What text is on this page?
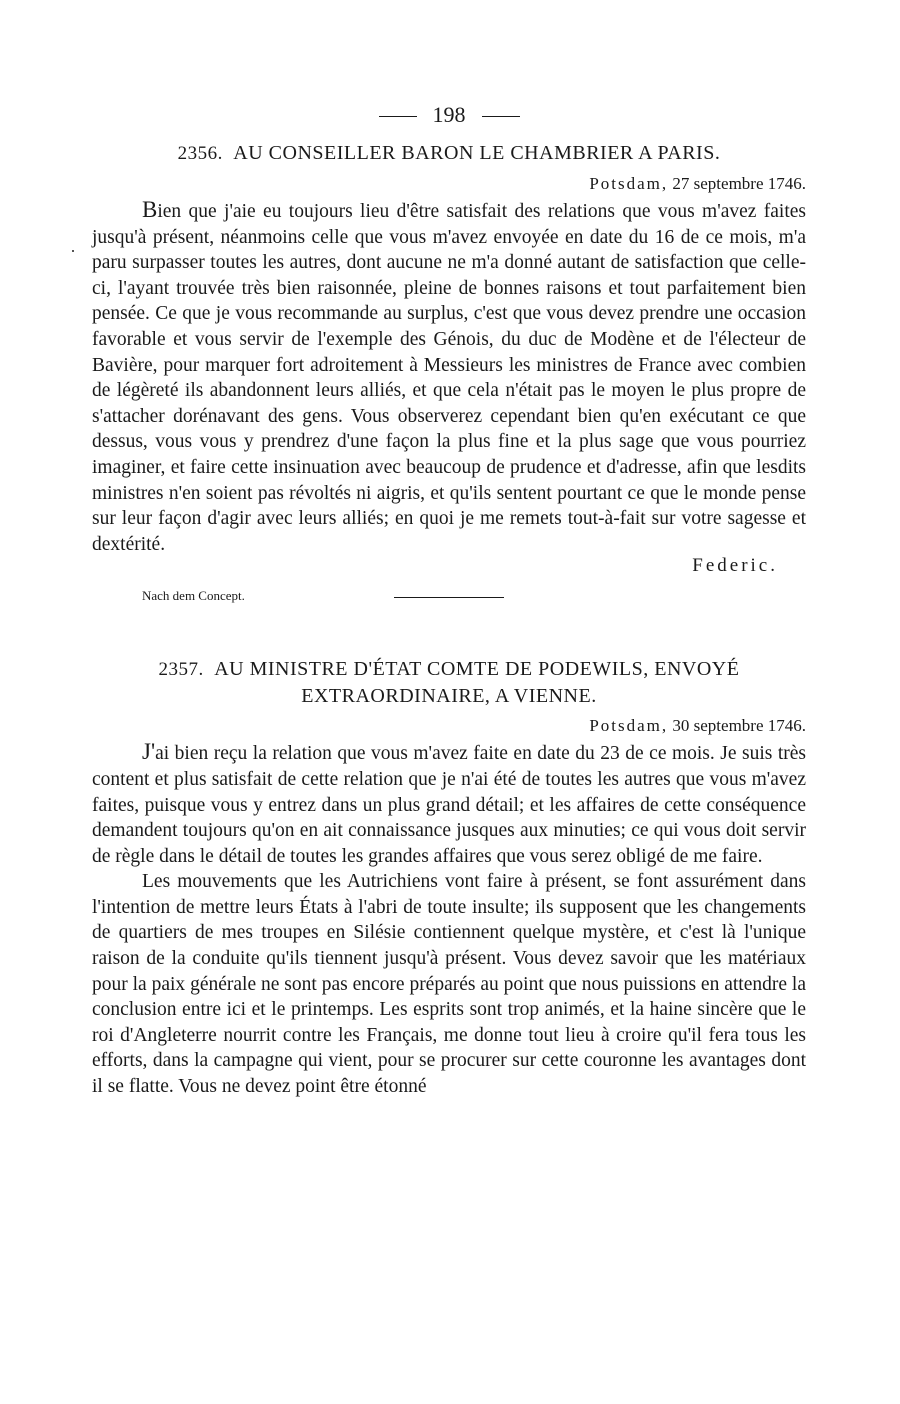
198
2356. AU CONSEILLER BARON LE CHAMBRIER A PARIS.
Potsdam, 27 septembre 1746.

Bien que j'aie eu toujours lieu d'être satisfait des relations que vous m'avez faites jusqu'à présent, néanmoins celle que vous m'avez envoyée en date du 16 de ce mois, m'a paru surpasser toutes les autres, dont aucune ne m'a donné autant de satisfaction que celle-ci, l'ayant trouvée très bien raisonnée, pleine de bonnes raisons et tout parfaitement bien pensée. Ce que je vous recommande au surplus, c'est que vous devez prendre une occasion favorable et vous servir de l'exemple des Génois, du duc de Modène et de l'électeur de Bavière, pour marquer fort adroitement à Messieurs les ministres de France avec combien de légèreté ils abandonnent leurs alliés, et que cela n'était pas le moyen le plus propre de s'attacher dorénavant des gens. Vous observerez cependant bien qu'en exécutant ce que dessus, vous vous y prendrez d'une façon la plus fine et la plus sage que vous pourriez imaginer, et faire cette insinuation avec beaucoup de prudence et d'adresse, afin que lesdits ministres n'en soient pas révoltés ni aigris, et qu'ils sentent pourtant ce que le monde pense sur leur façon d'agir avec leurs alliés; en quoi je me remets tout-à-fait sur votre sagesse et dextérité.

Federic.
Nach dem Concept.
2357. AU MINISTRE D'ÉTAT COMTE DE PODEWILS, ENVOYÉ EXTRAORDINAIRE, A VIENNE.
Potsdam, 30 septembre 1746.

J'ai bien reçu la relation que vous m'avez faite en date du 23 de ce mois. Je suis très content et plus satisfait de cette relation que je n'ai été de toutes les autres que vous m'avez faites, puisque vous y entrez dans un plus grand détail; et les affaires de cette conséquence demandent toujours qu'on en ait connaissance jusques aux minuties; ce qui vous doit servir de règle dans le détail de toutes les grandes affaires que vous serez obligé de me faire.

Les mouvements que les Autrichiens vont faire à présent, se font assurément dans l'intention de mettre leurs États à l'abri de toute insulte; ils supposent que les changements de quartiers de mes troupes en Silésie contiennent quelque mystère, et c'est là l'unique raison de la conduite qu'ils tiennent jusqu'à présent. Vous devez savoir que les matériaux pour la paix générale ne sont pas encore préparés au point que nous puissions en attendre la conclusion entre ici et le printemps. Les esprits sont trop animés, et la haine sincère que le roi d'Angleterre nourrit contre les Français, me donne tout lieu à croire qu'il fera tous les efforts, dans la campagne qui vient, pour se procurer sur cette couronne les avantages dont il se flatte. Vous ne devez point être étonné
